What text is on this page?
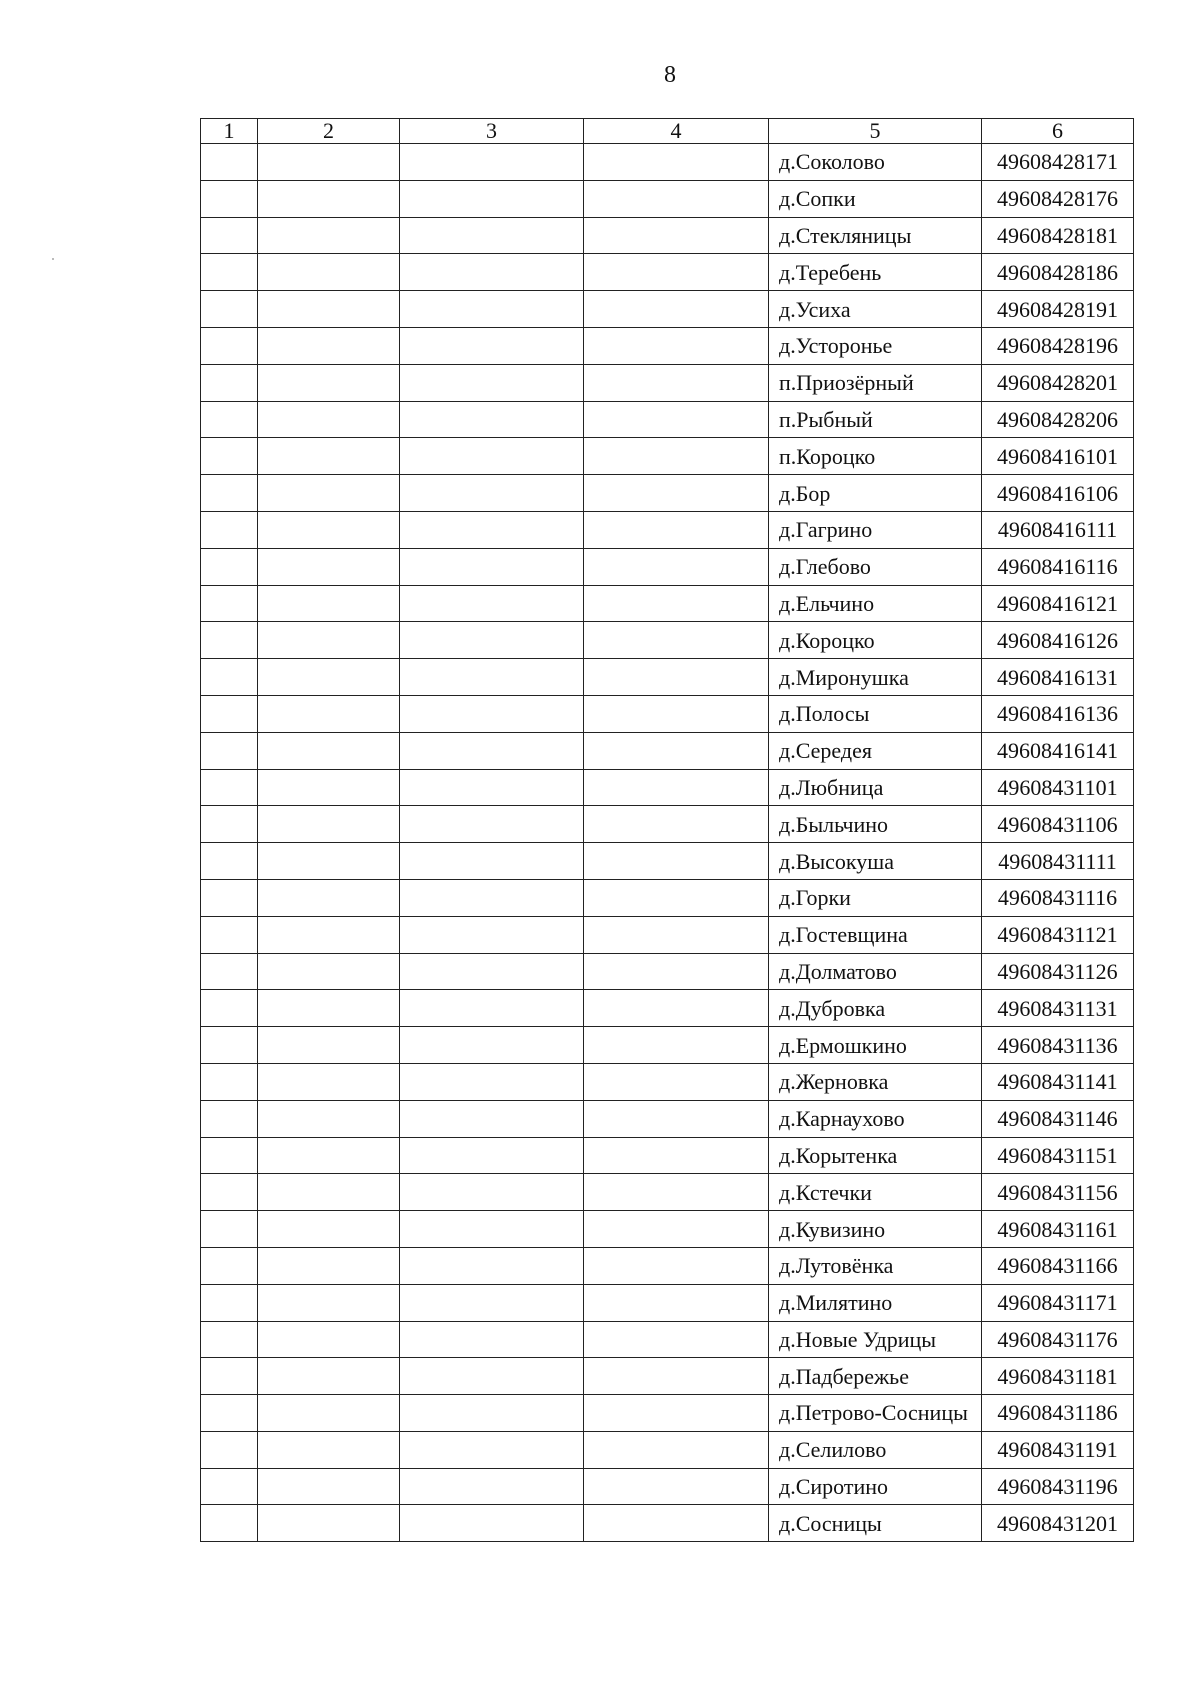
8
1	2	3	4	5	6
				д.Соколово	49608428171
				д.Сопки	49608428176
				д.Стекляницы	49608428181
				д.Теребень	49608428186
				д.Усиха	49608428191
				д.Усторонье	49608428196
				п.Приозёрный	49608428201
				п.Рыбный	49608428206
				п.Короцко	49608416101
				д.Бор	49608416106
				д.Гагрино	49608416111
				д.Глебово	49608416116
				д.Ельчино	49608416121
				д.Короцко	49608416126
				д.Миронушка	49608416131
				д.Полосы	49608416136
				д.Середея	49608416141
				д.Любница	49608431101
				д.Быльчино	49608431106
				д.Высокуша	49608431111
				д.Горки	49608431116
				д.Гостевщина	49608431121
				д.Долматово	49608431126
				д.Дубровка	49608431131
				д.Ермошкино	49608431136
				д.Жерновка	49608431141
				д.Карнаухово	49608431146
				д.Корытенка	49608431151
				д.Кстечки	49608431156
				д.Кувизино	49608431161
				д.Лутовёнка	49608431166
				д.Милятино	49608431171
				д.Новые Удрицы	49608431176
				д.Падбережье	49608431181
				д.Петрово-Сосницы	49608431186
				д.Селилово	49608431191
				д.Сиротино	49608431196
				д.Сосницы	49608431201
